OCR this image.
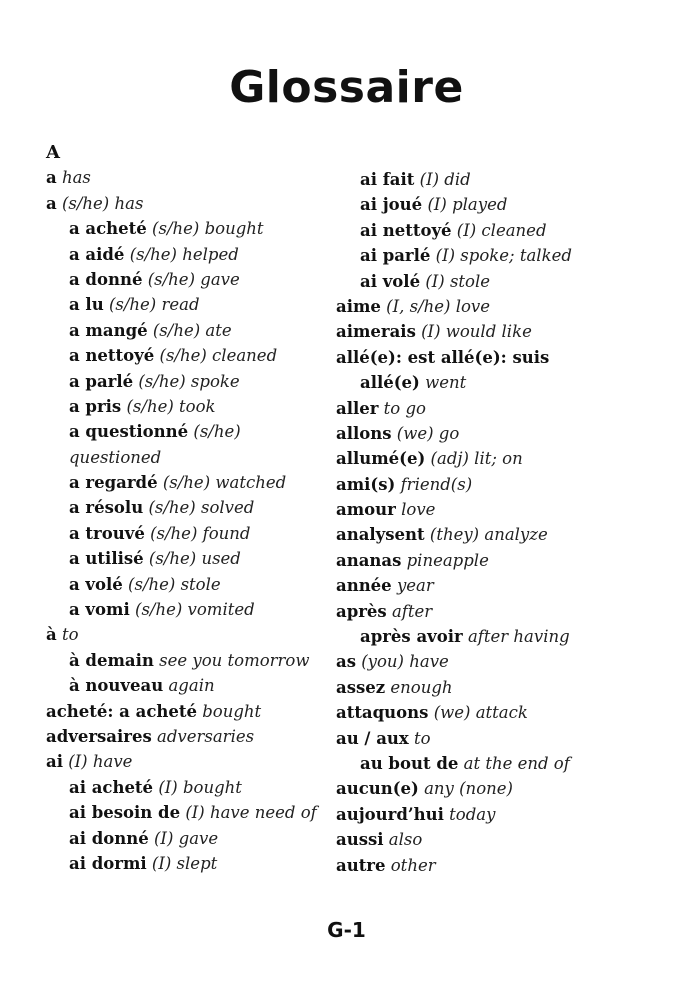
Glossaire
A
a has
a (s/he) has
a acheté (s/he) bought
a aidé (s/he) helped
a donné (s/he) gave
a lu (s/he) read
a mangé (s/he) ate
a nettoyé (s/he) cleaned
a parlé (s/he) spoke
a pris (s/he) took
a questionné (s/he)
questioned
a regardé (s/he) watched
a résolu (s/he) solved
a trouvé (s/he) found
a utilisé (s/he) used
a volé (s/he) stole
a vomi (s/he) vomited
à to
à demain see you tomorrow
à nouveau again
acheté: a acheté bought
adversaires adversaries
ai (I) have
ai acheté (I) bought
ai besoin de (I) have need of
ai donné (I) gave
ai dormi (I) slept
ai fait (I) did
ai joué (I) played
ai nettoyé (I) cleaned
ai parlé (I) spoke; talked
ai volé (I) stole
aime (I, s/he) love
aimerais (I) would like
allé(e): est allé(e): suis
allé(e) went
aller to go
allons (we) go
allumé(e) (adj) lit; on
ami(s) friend(s)
amour love
analysent (they) analyze
ananas pineapple
année year
après after
après avoir after having
as (you) have
assez enough
attaquons (we) attack
au / aux to
au bout de at the end of
aucun(e) any (none)
aujourd’hui today
aussi also
autre other
G-1
